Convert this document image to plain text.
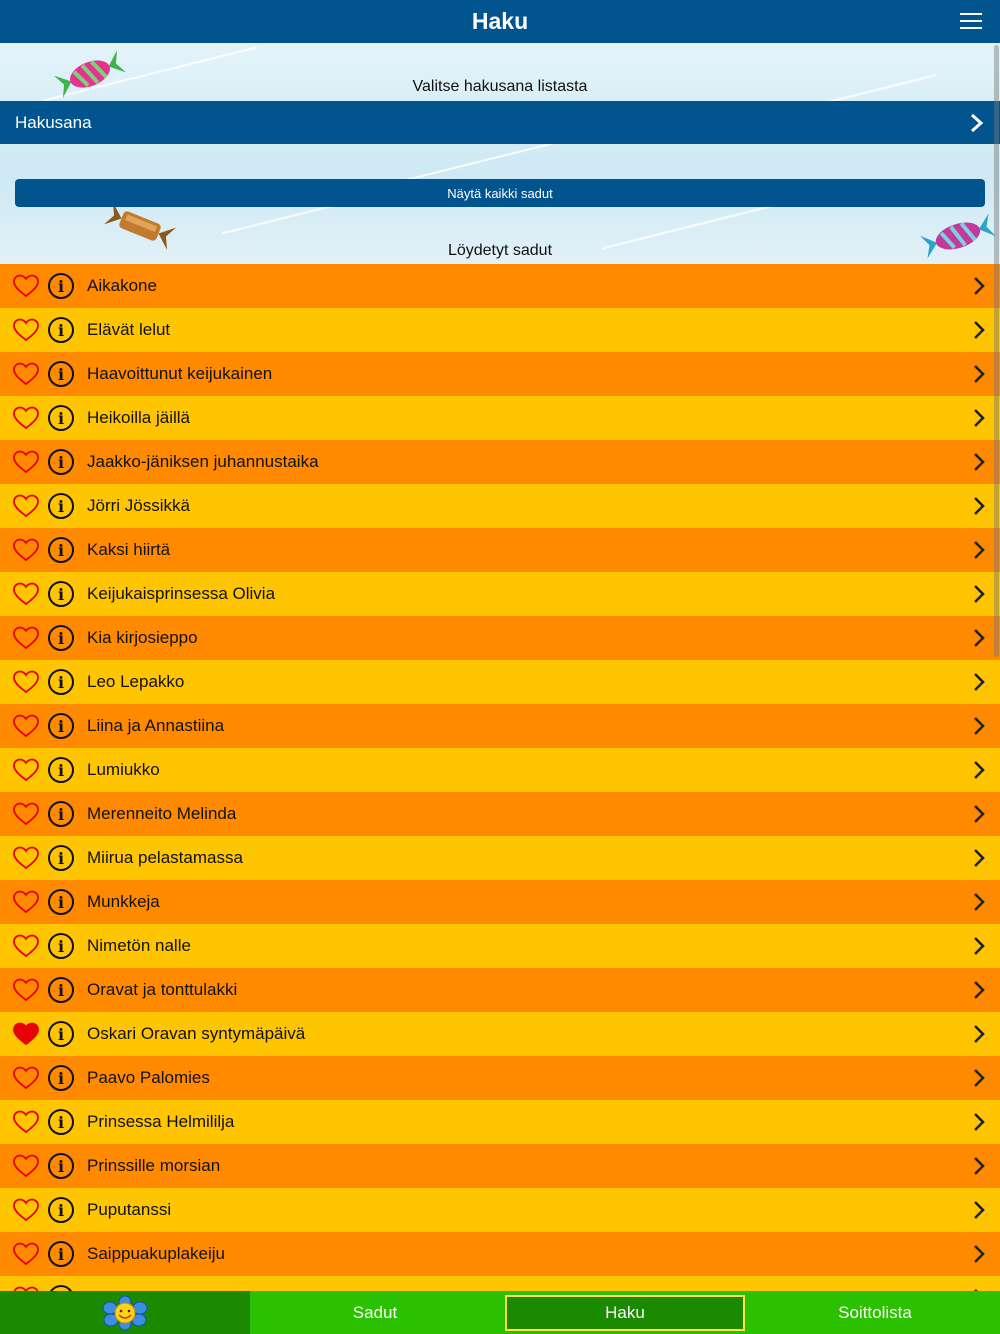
Haku
Valitse hakusana listasta
Hakusana
Näytä kaikki sadut
Löydetyt sadut
i	Aikakone
i	Elävät lelut
i	Haavoittunut keijukainen
i	Heikoilla jäillä
i	Jaakko-jäniksen juhannustaika
i	Jörri Jössikkä
i	Kaksi hiirtä
i	Keijukaisprinsessa Olivia
i	Kia kirjosieppo
i	Leo Lepakko
i	Liina ja Annastiina
i	Lumiukko
i	Merenneito Melinda
i	Miirua pelastamassa
i	Munkkeja
i	Nimetön nalle
i	Oravat ja tonttulakki
i	Oskari Oravan syntymäpäivä
i	Paavo Palomies
i	Prinsessa Helmililja
i	Prinssille morsian
i	Puputanssi
i	Saippuakuplakeiju
Sadut	Haku	Soittolista
